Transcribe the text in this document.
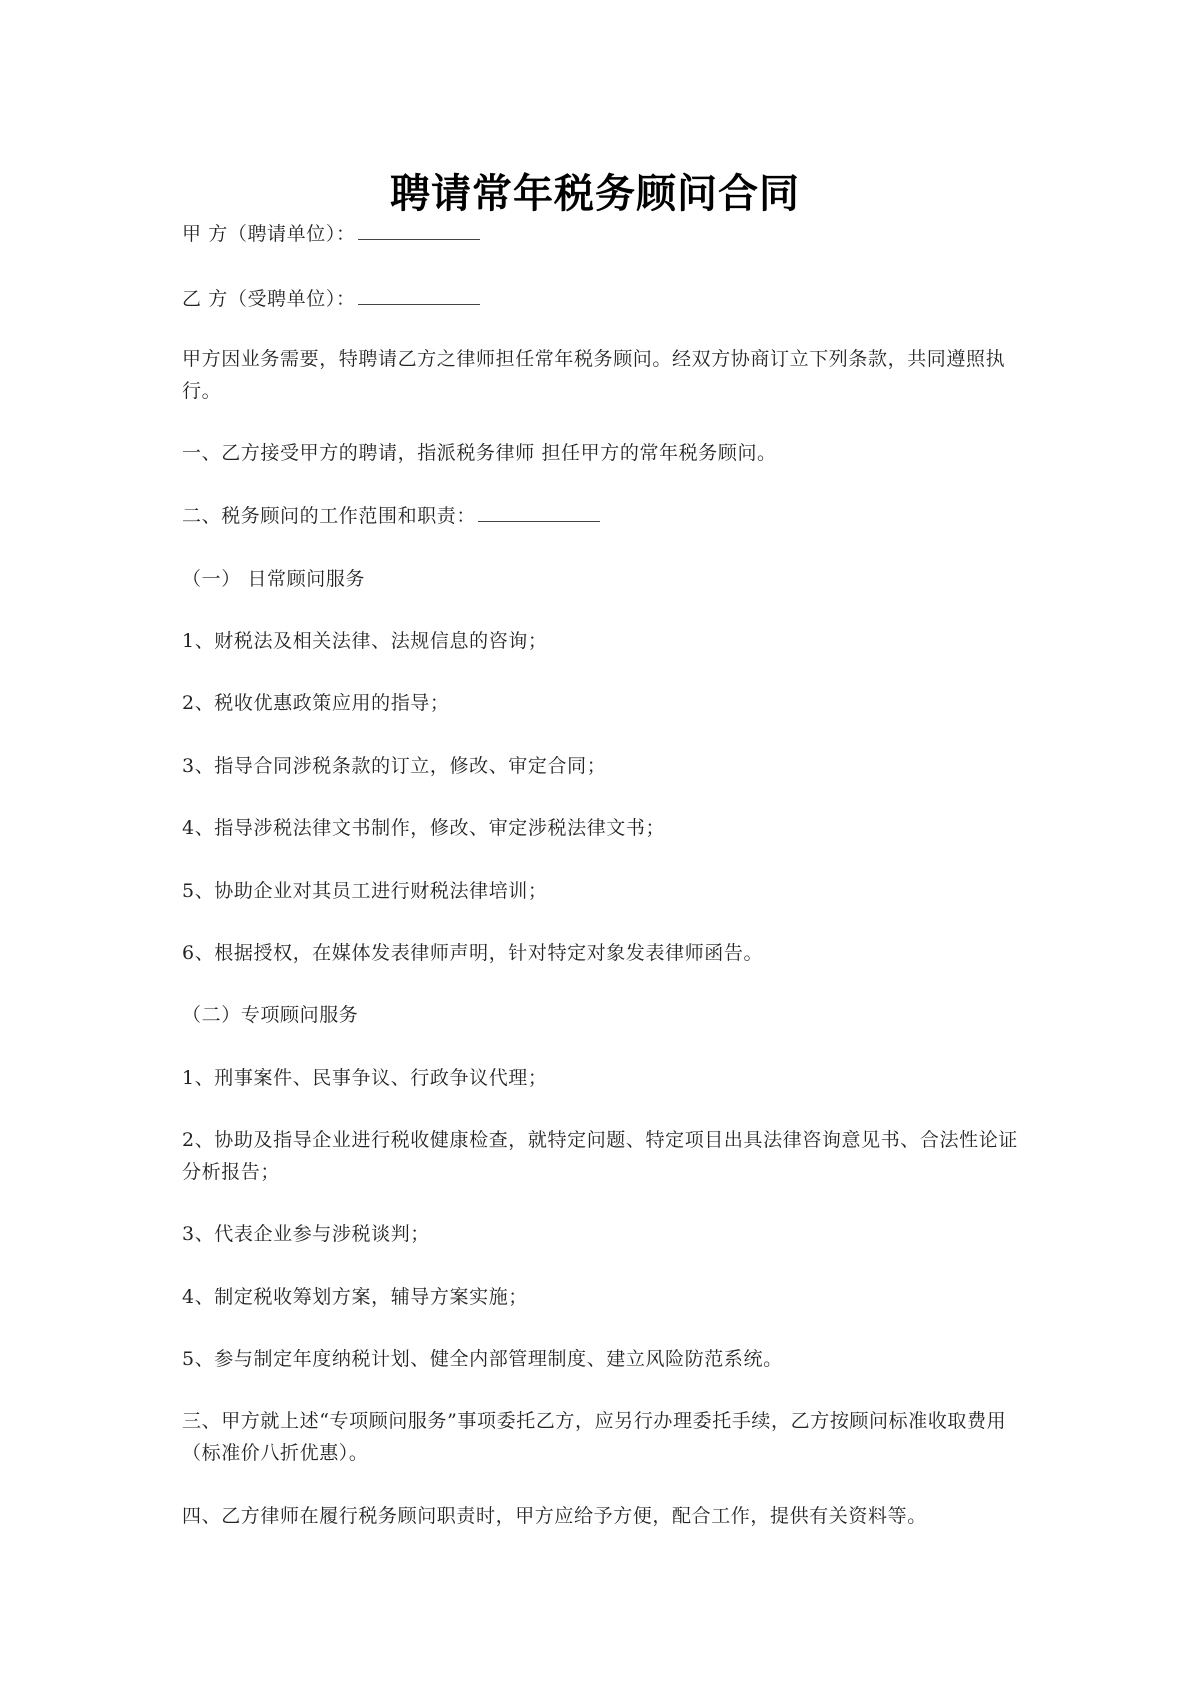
聘请常年税务顾问合同
甲 方（聘请单位）：
乙 方（受聘单位）：
甲方因业务需要，特聘请乙方之律师担任常年税务顾问。经双方协商订立下列条款，共同遵照执行。
一、乙方接受甲方的聘请，指派税务律师 担任甲方的常年税务顾问。
二、税务顾问的工作范围和职责：
（一） 日常顾问服务
1、财税法及相关法律、法规信息的咨询；
2、税收优惠政策应用的指导；
3、指导合同涉税条款的订立，修改、审定合同；
4、指导涉税法律文书制作，修改、审定涉税法律文书；
5、协助企业对其员工进行财税法律培训；
6、根据授权，在媒体发表律师声明，针对特定对象发表律师函告。
（二）专项顾问服务
1、刑事案件、民事争议、行政争议代理；
2、协助及指导企业进行税收健康检查，就特定问题、特定项目出具法律咨询意见书、合法性论证分析报告；
3、代表企业参与涉税谈判；
4、制定税收筹划方案，辅导方案实施；
5、参与制定年度纳税计划、健全内部管理制度、建立风险防范系统。
三、甲方就上述“专项顾问服务”事项委托乙方，应另行办理委托手续，乙方按顾问标准收取费用（标准价八折优惠）。
四、乙方律师在履行税务顾问职责时，甲方应给予方便，配合工作，提供有关资料等。
